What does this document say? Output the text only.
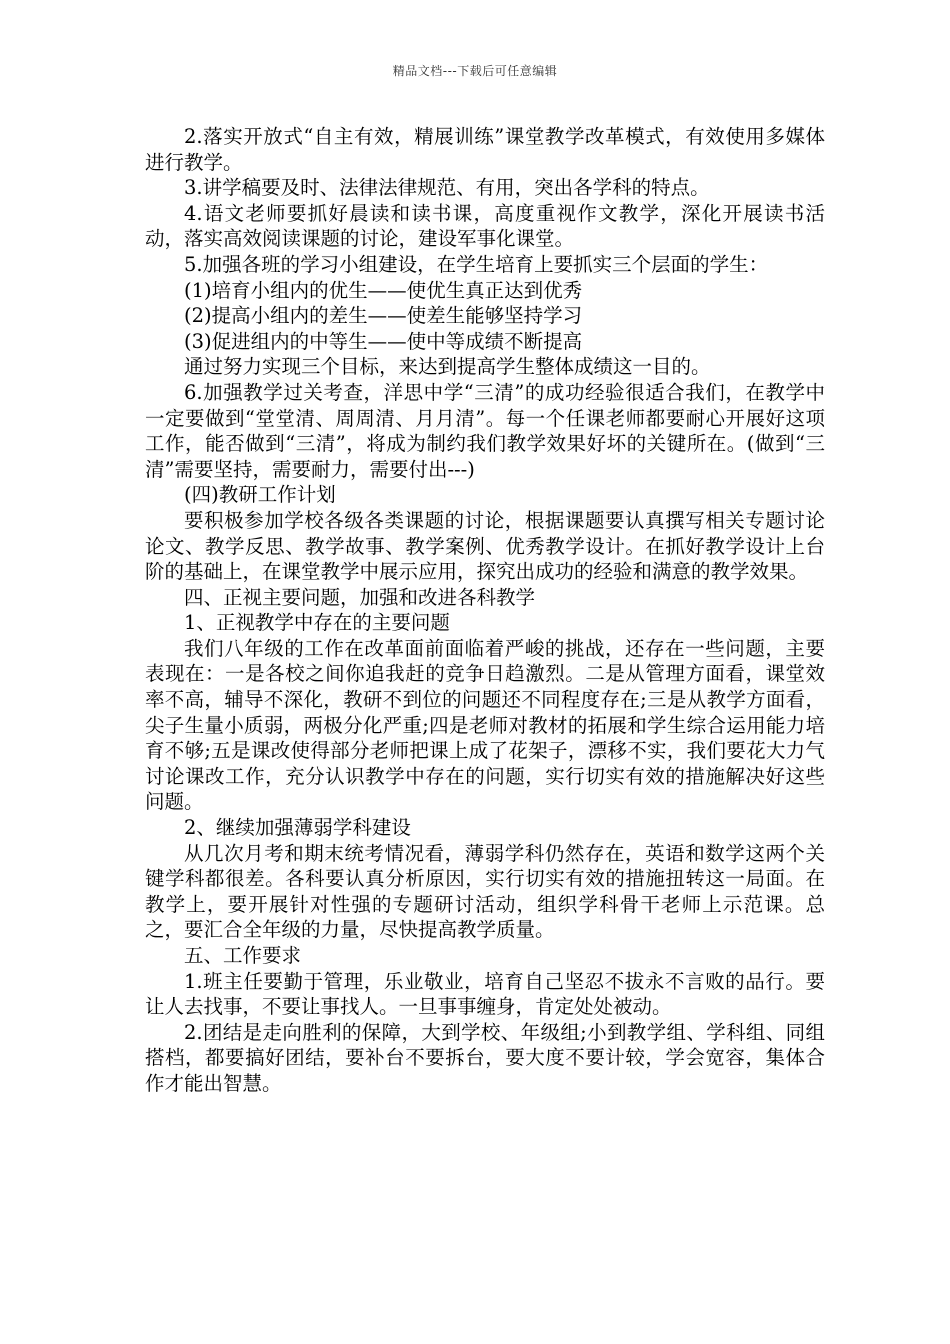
精品文档---下载后可任意编辑

2.落实开放式“自主有效，精展训练”课堂教学改革模式，有效使用多媒体进行教学。

3.讲学稿要及时、法律法律规范、有用，突出各学科的特点。

4.语文老师要抓好晨读和读书课，高度重视作文教学，深化开展读书活动，落实高效阅读课题的讨论，建设军事化课堂。

5.加强各班的学习小组建设，在学生培育上要抓实三个层面的学生：

(1)培育小组内的优生——使优生真正达到优秀

(2)提高小组内的差生——使差生能够坚持学习

(3)促进组内的中等生——使中等成绩不断提高

通过努力实现三个目标，来达到提高学生整体成绩这一目的。

6.加强教学过关考查，洋思中学“三清”的成功经验很适合我们，在教学中一定要做到“堂堂清、周周清、月月清”。每一个任课老师都要耐心开展好这项工作，能否做到“三清”，将成为制约我们教学效果好坏的关键所在。(做到“三清”需要坚持，需要耐力，需要付出---)

(四)教研工作计划

要积极参加学校各级各类课题的讨论，根据课题要认真撰写相关专题讨论论文、教学反思、教学故事、教学案例、优秀教学设计。在抓好教学设计上台阶的基础上，在课堂教学中展示应用，探究出成功的经验和满意的教学效果。

四、正视主要问题，加强和改进各科教学

1、正视教学中存在的主要问题

我们八年级的工作在改革面前面临着严峻的挑战，还存在一些问题，主要表现在：一是各校之间你追我赶的竞争日趋激烈。二是从管理方面看，课堂效率不高，辅导不深化，教研不到位的问题还不同程度存在;三是从教学方面看，尖子生量小质弱，两极分化严重;四是老师对教材的拓展和学生综合运用能力培育不够;五是课改使得部分老师把课上成了花架子，漂移不实，我们要花大力气讨论课改工作，充分认识教学中存在的问题，实行切实有效的措施解决好这些问题。

2、继续加强薄弱学科建设

从几次月考和期末统考情况看，薄弱学科仍然存在，英语和数学这两个关键学科都很差。各科要认真分析原因，实行切实有效的措施扭转这一局面。在教学上，要开展针对性强的专题研讨活动，组织学科骨干老师上示范课。总之，要汇合全年级的力量，尽快提高教学质量。

五、工作要求

1.班主任要勤于管理，乐业敬业，培育自己坚忍不拔永不言败的品行。要让人去找事，不要让事找人。一旦事事缠身，肯定处处被动。

2.团结是走向胜利的保障，大到学校、年级组;小到教学组、学科组、同组搭档，都要搞好团结，要补台不要拆台，要大度不要计较，学会宽容，集体合作才能出智慧。
